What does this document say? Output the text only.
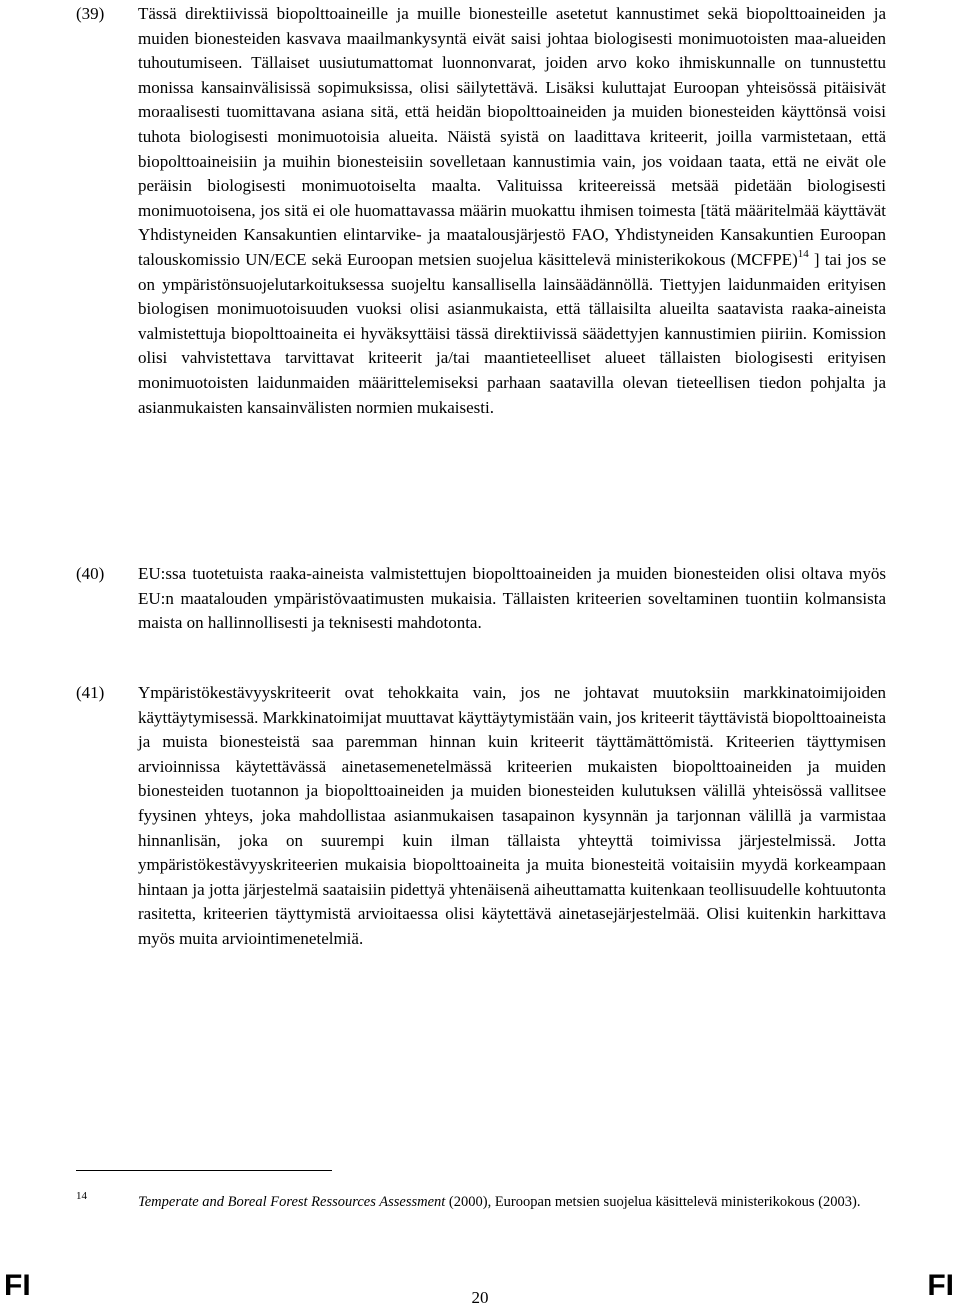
(39) Tässä direktiivissä biopolttoaineille ja muille bionesteille asetetut kannustimet sekä biopolttoaineiden ja muiden bionesteiden kasvava maailmankysyntä eivät saisi johtaa biologisesti monimuotoisten maa-alueiden tuhoutumiseen. Tällaiset uusiutumattomat luonnonvarat, joiden arvo koko ihmiskunnalle on tunnustettu monissa kansainvälisissä sopimuksissa, olisi säilytettävä. Lisäksi kuluttajat Euroopan yhteisössä pitäisivät moraalisesti tuomittavana asiana sitä, että heidän biopolttoaineiden ja muiden bionesteiden käyttönsä voisi tuhota biologisesti monimuotoisia alueita. Näistä syistä on laadittava kriteerit, joilla varmistetaan, että biopolttoaineisiin ja muihin bionesteisiin sovelletaan kannustimia vain, jos voidaan taata, että ne eivät ole peräisin biologisesti monimuotoiselta maalta. Valituissa kriteereissä metsää pidetään biologisesti monimuotoisena, jos sitä ei ole huomattavassa määrin muokattu ihmisen toimesta [tätä määritelmää käyttävät Yhdistyneiden Kansakuntien elintarvike- ja maatalousjärjestö FAO, Yhdistyneiden Kansakuntien Euroopan talouskomissio UN/ECE sekä Euroopan metsien suojelua käsittelevä ministerikokous (MCFPE)$^{14}$ ] tai jos se on ympäristönsuojelutarkoituksessa suojeltu kansallisella lainsäädännöllä. Tiettyjen laidunmaiden erityisen biologisen monimuotoisuuden vuoksi olisi asianmukaista, että tällaisilta alueilta saatavista raaka-aineista valmistettuja biopolttoaineita ei hyväksyttäisi tässä direktiivissä säädettyjen kannustimien piiriin. Komission olisi vahvistettava tarvittavat kriteerit ja/tai maantieteelliset alueet tällaisten biologisesti erityisen monimuotoisten laidunmaiden määrittelemiseksi parhaan saatavilla olevan tieteellisen tiedon pohjalta ja asianmukaisten kansainvälisten normien mukaisesti.

(40) EU:ssa tuotetuista raaka-aineista valmistettujen biopolttoaineiden ja muiden bionesteiden olisi oltava myös EU:n maatalouden ympäristövaatimusten mukaisia. Tällaisten kriteerien soveltaminen tuontiin kolmansista maista on hallinnollisesti ja teknisesti mahdotonta.

(41) Ympäristökestävyyskriteerit ovat tehokkaita vain, jos ne johtavat muutoksiin markkinatoimijoiden käyttäytymisessä. Markkinatoimijat muuttavat käyttäytymistään vain, jos kriteerit täyttävistä biopolttoaineista ja muista bionesteistä saa paremman hinnan kuin kriteerit täyttämättömistä. Kriteerien täyttymisen arvioinnissa käytettävässä ainetasemenetelmässä kriteerien mukaisten biopolttoaineiden ja muiden bionesteiden tuotannon ja biopolttoaineiden ja muiden bionesteiden kulutuksen välillä yhteisössä vallitsee fyysinen yhteys, joka mahdollistaa asianmukaisen tasapainon kysynnän ja tarjonnan välillä ja varmistaa hinnanlisän, joka on suurempi kuin ilman tällaista yhteyttä toimivissa järjestelmissä. Jotta ympäristökestävyyskriteerien mukaisia biopolttoaineita ja muita bionesteitä voitaisiin myydä korkeampaan hintaan ja jotta järjestelmä saataisiin pidettyä yhtenäisenä aiheuttamatta kuitenkaan teollisuudelle kohtuutonta rasitetta, kriteerien täyttymistä arvioitaessa olisi käytettävä ainetasejärjestelmää. Olisi kuitenkin harkittava myös muita arviointimenetelmiä.

14	Temperate and Boreal Forest Ressources Assessment (2000), Euroopan metsien suojelua käsittelevä ministerikokous (2003).
FI	20	FI
